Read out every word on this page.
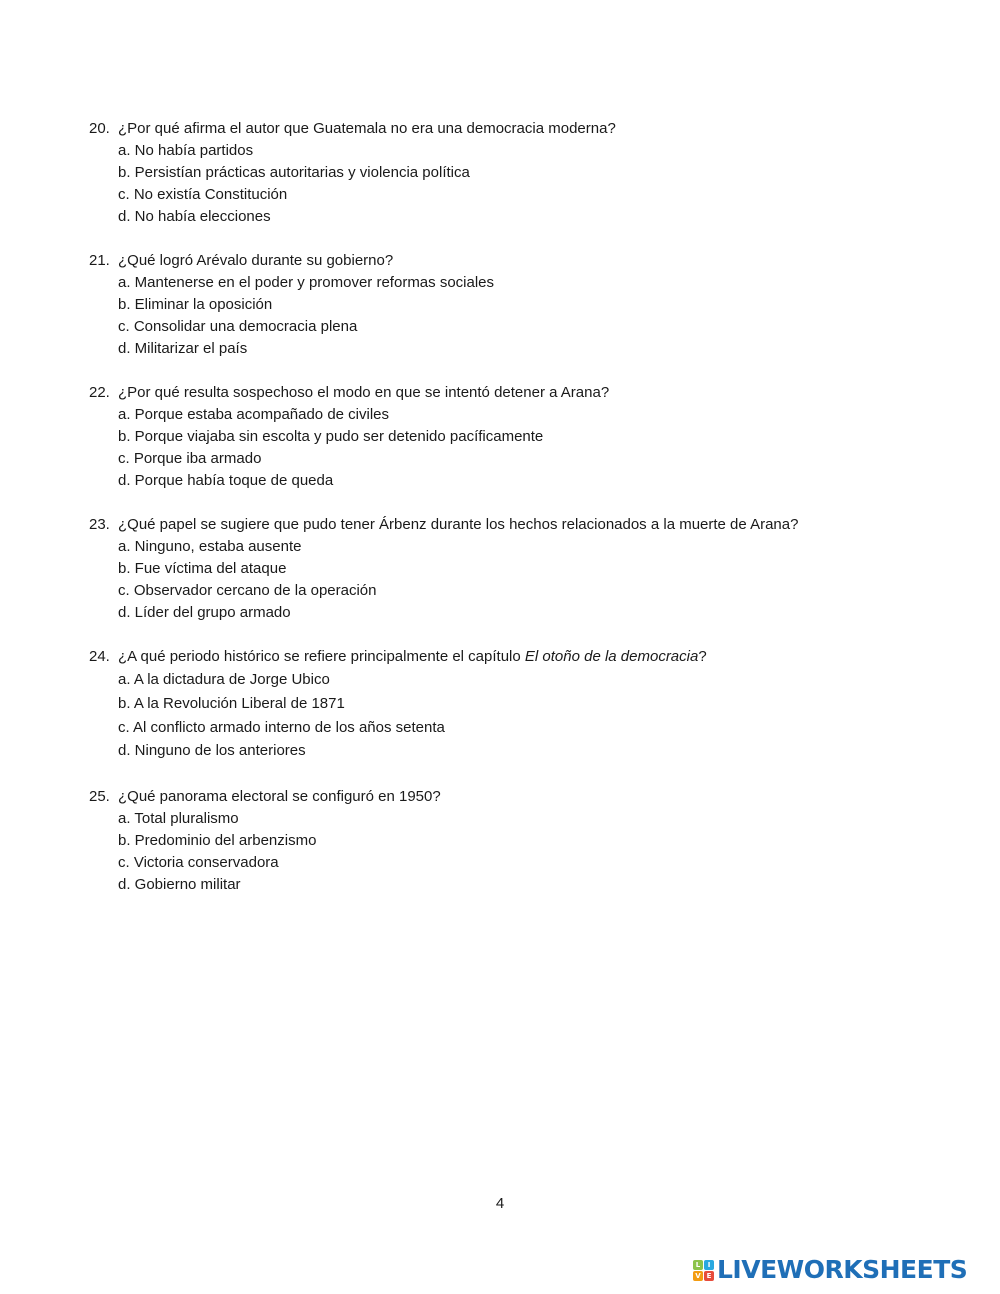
20. ¿Por qué afirma el autor que Guatemala no era una democracia moderna?
a. No había partidos
b. Persistían prácticas autoritarias y violencia política
c. No existía Constitución
d. No había elecciones
21. ¿Qué logró Arévalo durante su gobierno?
a. Mantenerse en el poder y promover reformas sociales
b. Eliminar la oposición
c. Consolidar una democracia plena
d. Militarizar el país
22. ¿Por qué resulta sospechoso el modo en que se intentó detener a Arana?
a. Porque estaba acompañado de civiles
b. Porque viajaba sin escolta y pudo ser detenido pacíficamente
c. Porque iba armado
d. Porque había toque de queda
23. ¿Qué papel se sugiere que pudo tener Árbenz durante los hechos relacionados a la muerte de Arana?
a. Ninguno, estaba ausente
b. Fue víctima del ataque
c. Observador cercano de la operación
d. Líder del grupo armado
24. ¿A qué periodo histórico se refiere principalmente el capítulo El otoño de la democracia?
a. A la dictadura de Jorge Ubico
b. A la Revolución Liberal de 1871
c. Al conflicto armado interno de los años setenta
d. Ninguno de los anteriores
25. ¿Qué panorama electoral se configuró en 1950?
a. Total pluralismo
b. Predominio del arbenzismo
c. Victoria conservadora
d. Gobierno militar
4
L	I
V E LIVEWORKSHEETS
